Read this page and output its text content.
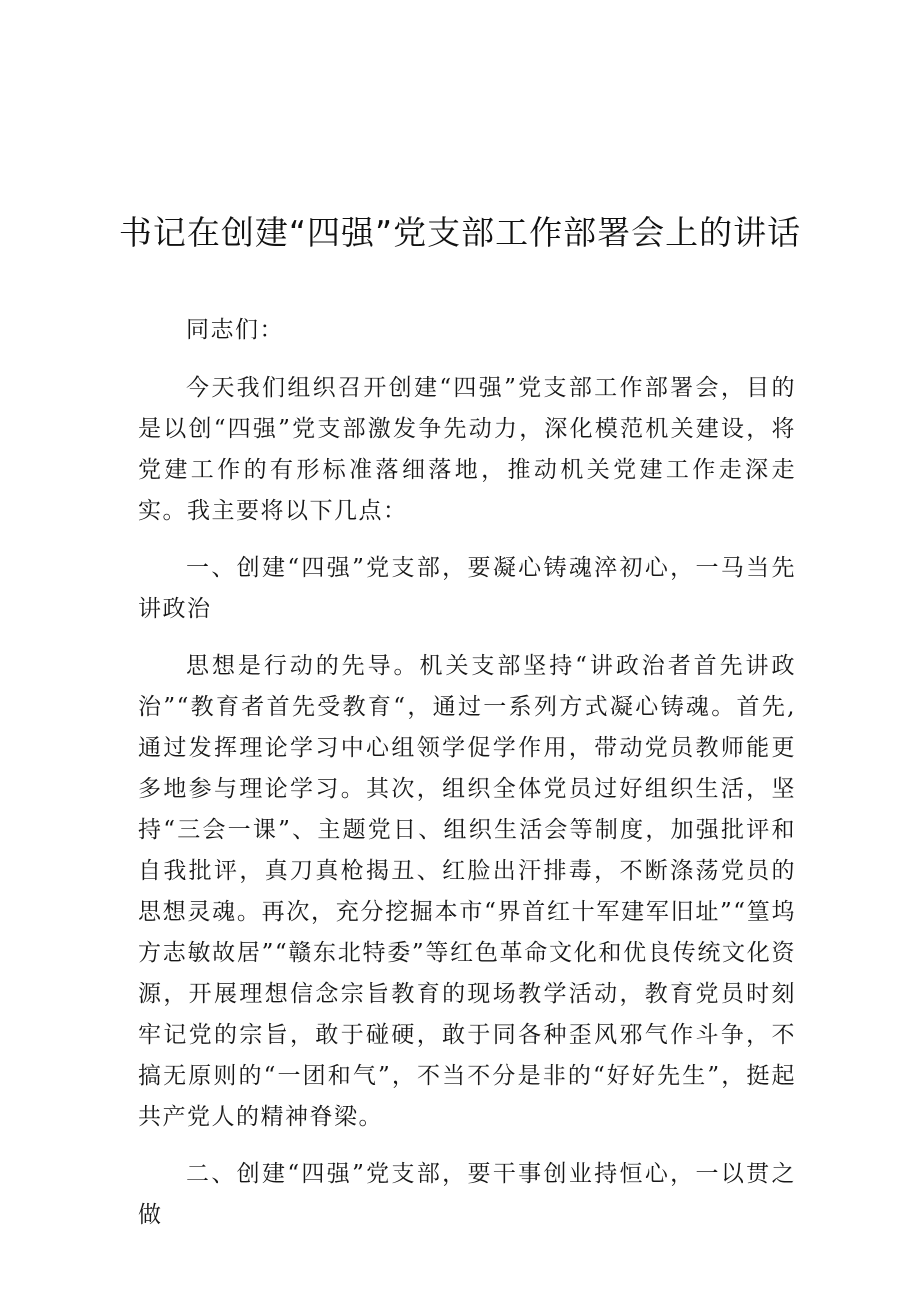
书记在创建“四强”党支部工作部署会上的讲话

同志们：

今天我们组织召开创建“四强”党支部工作部署会，目的是以创“四强”党支部激发争先动力，深化模范机关建设，将党建工作的有形标准落细落地，推动机关党建工作走深走实。我主要将以下几点：

一、创建“四强”党支部，要凝心铸魂淬初心，一马当先讲政治

思想是行动的先导。机关支部坚持“讲政治者首先讲政治”“教育者首先受教育“，通过一系列方式凝心铸魂。首先,通过发挥理论学习中心组领学促学作用，带动党员教师能更多地参与理论学习。其次，组织全体党员过好组织生活，坚持“三会一课”、主题党日、组织生活会等制度，加强批评和自我批评，真刀真枪揭丑、红脸出汗排毒，不断涤荡党员的思想灵魂。再次，充分挖掘本市“界首红十军建军旧址”“篁坞方志敏故居”“赣东北特委”等红色革命文化和优良传统文化资源，开展理想信念宗旨教育的现场教学活动，教育党员时刻牢记党的宗旨，敢于碰硬，敢于同各种歪风邪气作斗争，不搞无原则的“一团和气”，不当不分是非的“好好先生”，挺起共产党人的精神脊梁。

二、创建“四强”党支部，要干事创业持恒心，一以贯之做
